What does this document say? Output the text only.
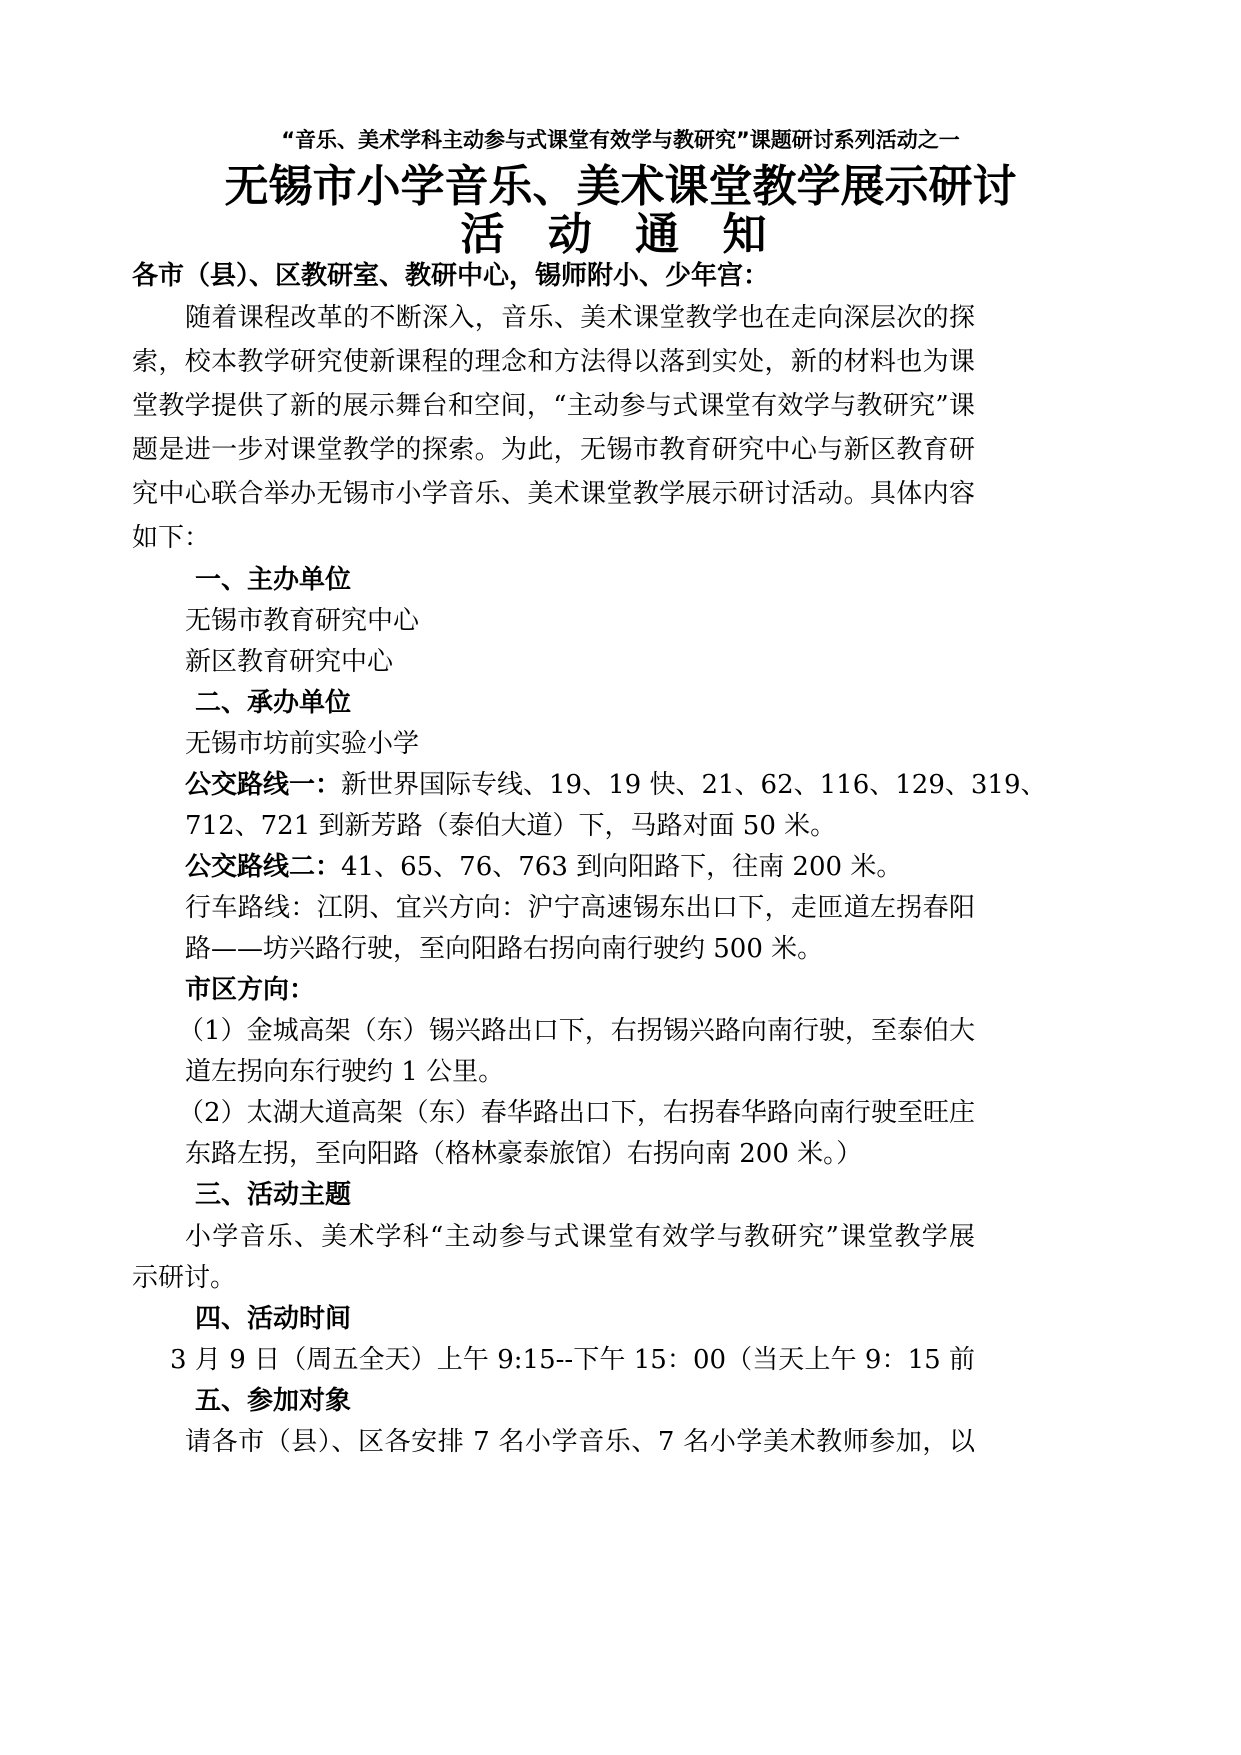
“音乐、美术学科主动参与式课堂有效学与教研究”课题研讨系列活动之一
无锡市小学音乐、美术课堂教学展示研讨
活 动 通 知
各市（县）、区教研室、教研中心，锡师附小、少年宫：
随着课程改革的不断深入，音乐、美术课堂教学也在走向深层次的探
索，校本教学研究使新课程的理念和方法得以落到实处，新的材料也为课
堂教学提供了新的展示舞台和空间，“主动参与式课堂有效学与教研究”课
题是进一步对课堂教学的探索。为此，无锡市教育研究中心与新区教育研
究中心联合举办无锡市小学音乐、美术课堂教学展示研讨活动。具体内容
如下：
一、主办单位
无锡市教育研究中心
新区教育研究中心
二、承办单位
无锡市坊前实验小学
公交路线一：新世界国际专线、19、19 快、21、62、116、129、319、
712、721 到新芳路（泰伯大道）下，马路对面 50 米。
公交路线二：41、65、76、763 到向阳路下，往南 200 米。
行车路线：江阴、宜兴方向：沪宁高速锡东出口下，走匝道左拐春阳
路——坊兴路行驶，至向阳路右拐向南行驶约 500 米。
市区方向：
（1）金城高架（东）锡兴路出口下，右拐锡兴路向南行驶，至泰伯大
道左拐向东行驶约 1 公里。
（2）太湖大道高架（东）春华路出口下，右拐春华路向南行驶至旺庄
东路左拐，至向阳路（格林豪泰旅馆）右拐向南 200 米。）
三、活动主题
小学音乐、美术学科“主动参与式课堂有效学与教研究”课堂教学展
示研讨。
四、活动时间
3 月 9 日（周五全天）上午 9:15--下午 15：00（当天上午 9：15 前
五、参加对象
请各市（县）、区各安排 7 名小学音乐、7 名小学美术教师参加，以
